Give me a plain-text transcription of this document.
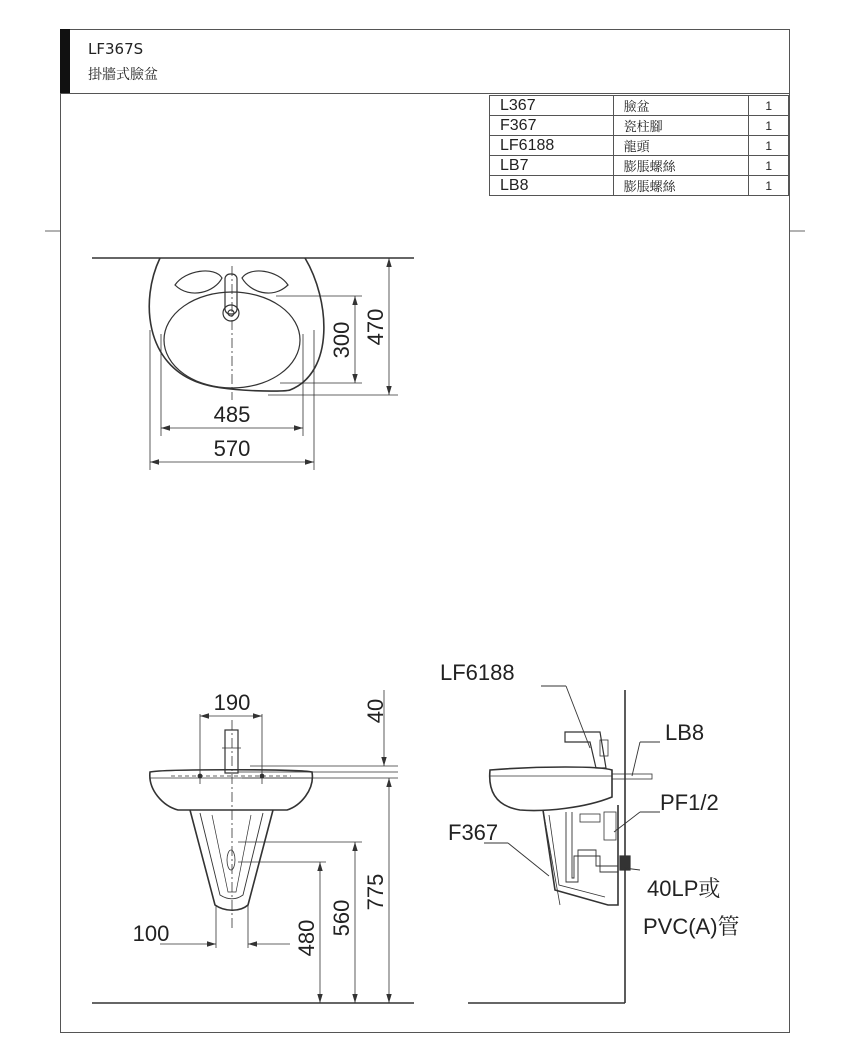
LF367S
掛牆式臉盆
L367	臉盆	1
F367	瓷柱腳	1
LF6188	龍頭	1
LB7	膨脹螺絲	1
LB8	膨脹螺絲	1
485
570
300 470
190	40
100	480
560
775
LF6188
LB8
PF1/2
F367
40LP或
PVC(A)管
